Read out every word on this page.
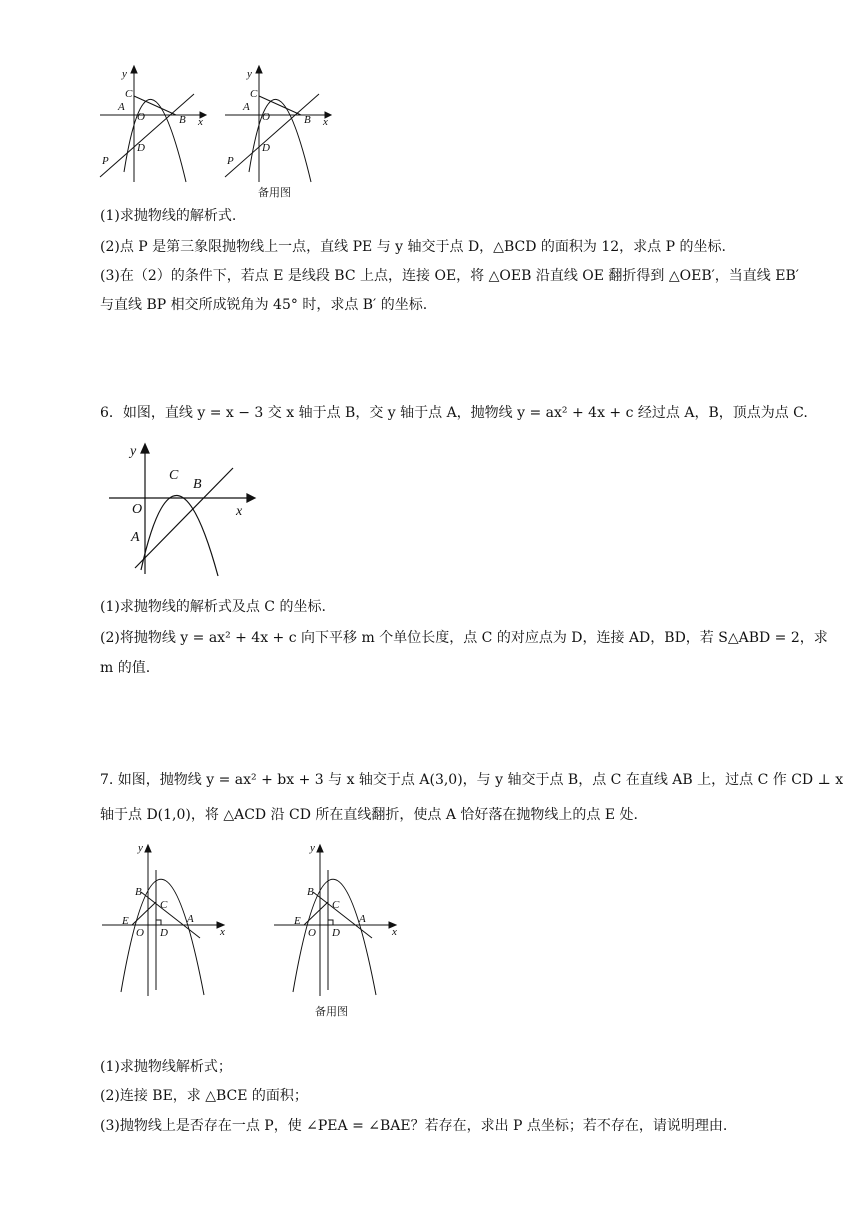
y
x
C
A
O	B
D
P
y
x
C
A
O	B
D
P
备用图
(1)求抛物线的解析式.
(2)点 P 是第三象限抛物线上一点，直线 PE 与 y 轴交于点 D，△BCD 的面积为 12，求点 P 的坐标.
(3)在（2）的条件下，若点 E 是线段 BC 上点，连接 OE，将 △OEB 沿直线 OE 翻折得到 △OEB′，当直线 EB′
与直线 BP 相交所成锐角为 45° 时，求点 B′ 的坐标.
6．如图，直线 y = x − 3 交 x 轴于点 B，交 y 轴于点 A，抛物线 y = ax² + 4x + c 经过点 A，B，顶点为点 C.
y
x
C
B
O
A
(1)求抛物线的解析式及点 C 的坐标.
(2)将抛物线 y = ax² + 4x + c 向下平移 m 个单位长度，点 C 的对应点为 D，连接 AD，BD，若 S△ABD = 2，求
m 的值.
7. 如图，抛物线 y = ax² + bx + 3 与 x 轴交于点 A(3,0)，与 y 轴交于点 B，点 C 在直线 AB 上，过点 C 作 CD ⊥ x
轴于点 D(1,0)，将 △ACD 沿 CD 所在直线翻折，使点 A 恰好落在抛物线上的点 E 处.
y
x
B
C
E	A
O D
y
x
B
C
E	A
O D
备用图
(1)求抛物线解析式；
(2)连接 BE，求 △BCE 的面积；
(3)抛物线上是否存在一点 P，使 ∠PEA = ∠BAE？若存在，求出 P 点坐标；若不存在，请说明理由.
